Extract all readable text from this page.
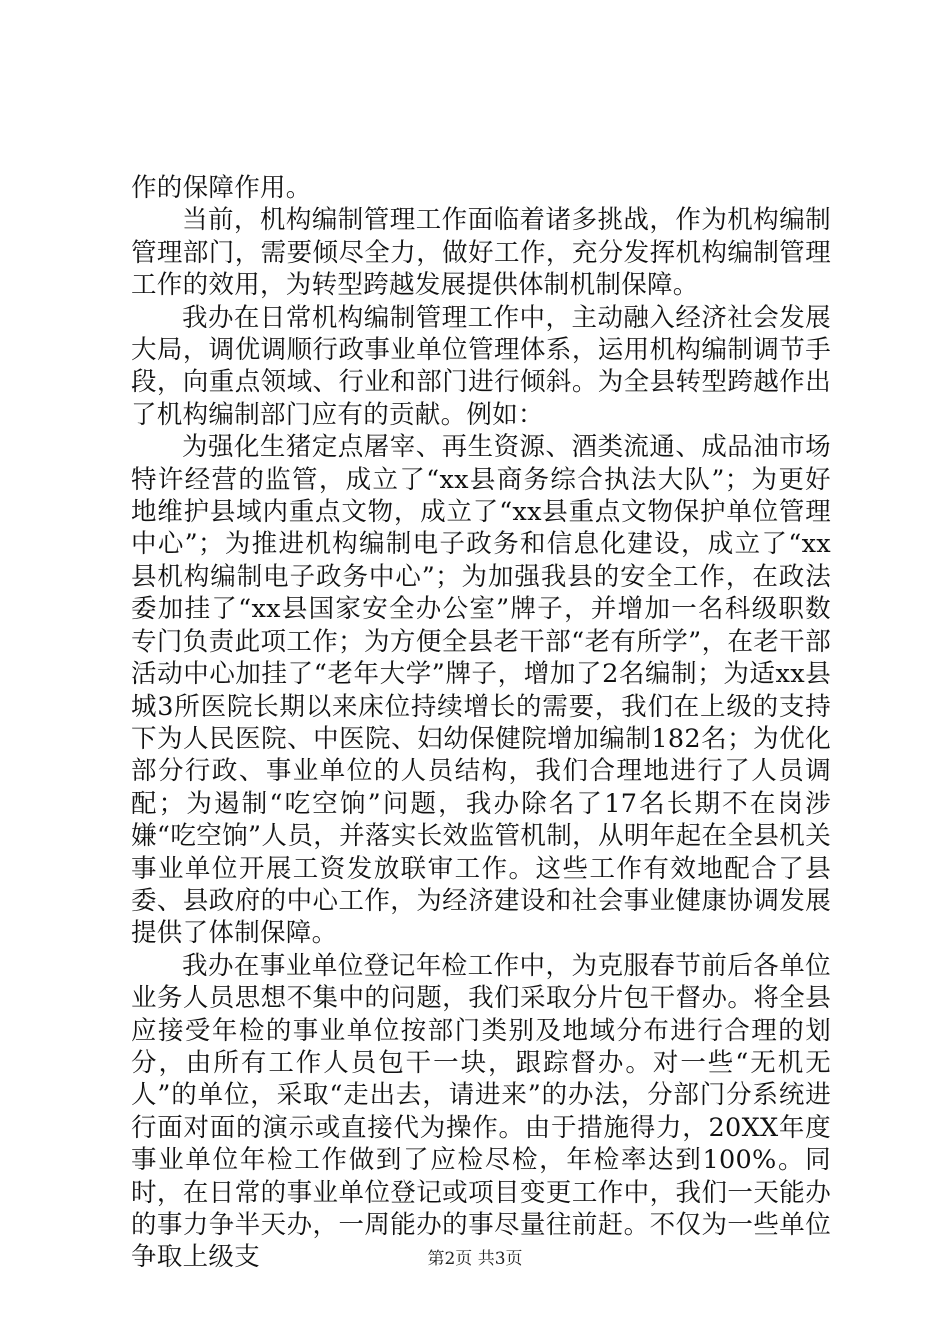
作的保障作用。

当前，机构编制管理工作面临着诸多挑战，作为机构编制管理部门，需要倾尽全力，做好工作，充分发挥机构编制管理工作的效用，为转型跨越发展提供体制机制保障。

我办在日常机构编制管理工作中，主动融入经济社会发展大局，调优调顺行政事业单位管理体系，运用机构编制调节手段，向重点领域、行业和部门进行倾斜。为全县转型跨越作出了机构编制部门应有的贡献。例如：

为强化生猪定点屠宰、再生资源、酒类流通、成品油市场特许经营的监管，成立了“xx县商务综合执法大队”；为更好地维护县域内重点文物，成立了“xx县重点文物保护单位管理中心”；为推进机构编制电子政务和信息化建设，成立了“xx县机构编制电子政务中心”；为加强我县的安全工作，在政法委加挂了“xx县国家安全办公室”牌子，并增加一名科级职数专门负责此项工作；为方便全县老干部“老有所学”，在老干部活动中心加挂了“老年大学”牌子，增加了2名编制；为适xx县城3所医院长期以来床位持续增长的需要，我们在上级的支持下为人民医院、中医院、妇幼保健院增加编制182名；为优化部分行政、事业单位的人员结构，我们合理地进行了人员调配；为遏制“吃空饷”问题，我办除名了17名长期不在岗涉嫌“吃空饷”人员，并落实长效监管机制，从明年起在全县机关事业单位开展工资发放联审工作。这些工作有效地配合了县委、县政府的中心工作，为经济建设和社会事业健康协调发展提供了体制保障。

我办在事业单位登记年检工作中，为克服春节前后各单位业务人员思想不集中的问题，我们采取分片包干督办。将全县应接受年检的事业单位按部门类别及地域分布进行合理的划分，由所有工作人员包干一块，跟踪督办。对一些“无机无人”的单位，采取“走出去，请进来”的办法，分部门分系统进行面对面的演示或直接代为操作。由于措施得力，20XX年度事业单位年检工作做到了应检尽检，年检率达到100%。同时，在日常的事业单位登记或项目变更工作中，我们一天能办的事力争半天办，一周能办的事尽量往前赶。不仅为一些单位争取上级支	第2页 共3页
